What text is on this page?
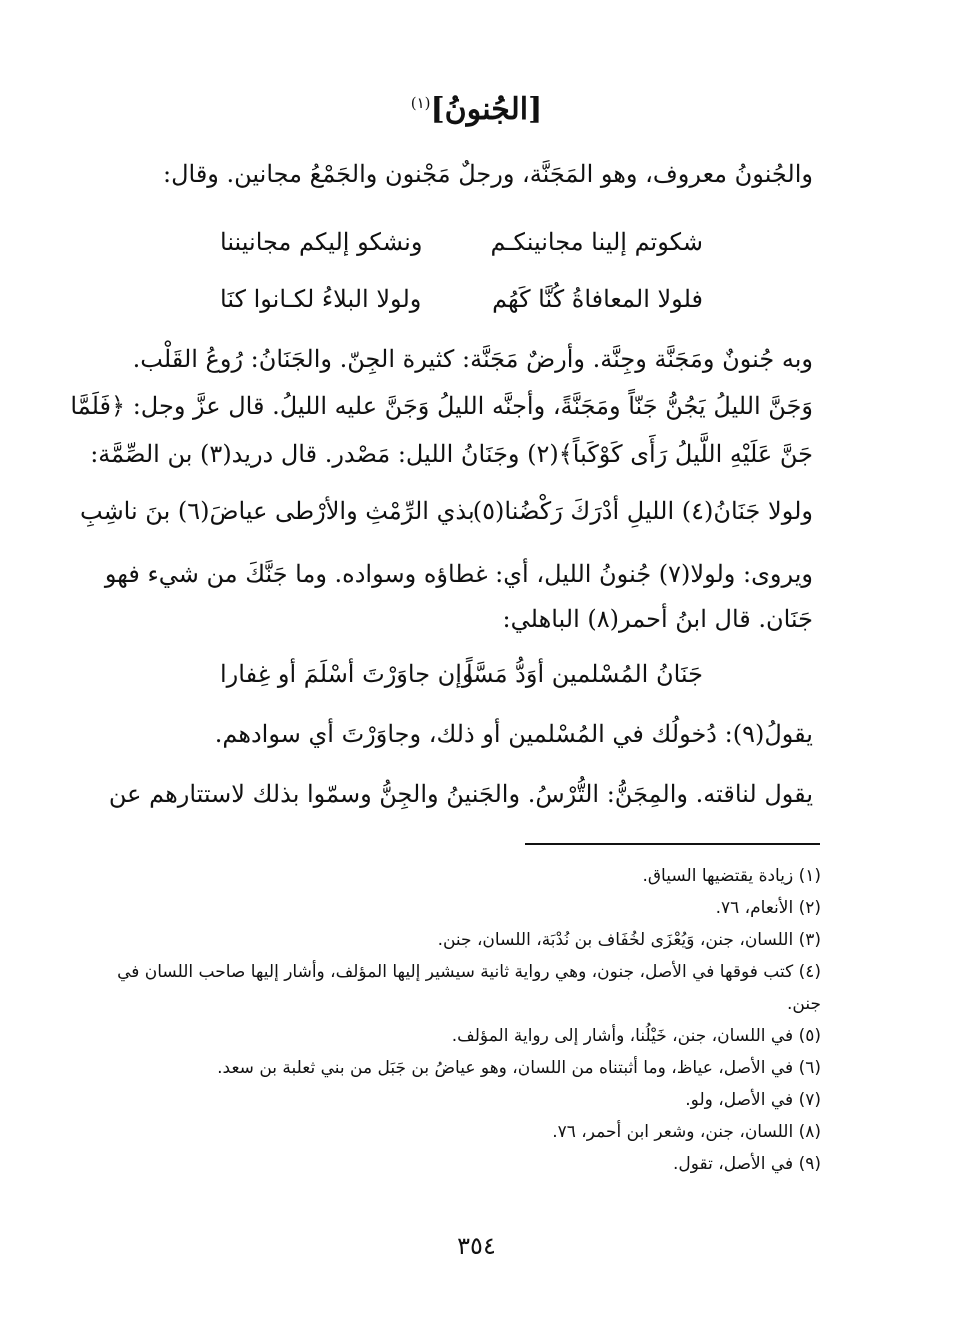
[الجُنونُ]$^{(١)}$
والجُنونُ معروف، وهو المَجَنَّة، ورجلٌ مَجْنون والجَمْعُ مجانين. وقال:
شكوتم إلينا مجانينكـم
ونشكو إليكم مجانيننا
فلولا المعافاةُ كُنَّا كَهُم
ولولا البلاءُ لكـانوا كنَا
وبه جُنونٌ ومَجَنَّة وجِنَّة. وأرضٌ مَجَنَّة: كثيرة الجِنّ. والجَنَانُ: رُوعُ القَلْب.
وَجَنَّ الليلُ يَجُنُّ جَنّاً ومَجَنَّةً، وأجنَّه الليلُ وَجَنَّ عليه الليلُ. قال عزَّ وجل: ﴿فَلَمَّا
جَنَّ عَلَيْهِ اللَّيلُ رَأَى كَوْكَباً﴾(٢) وجَنَانُ الليل: مَصْدر. قال دريد(٣) بن الصِّمَّة:
ولولا جَنَانُ(٤) الليلِ أدْرَكَ رَكْضُنا(٥)
بذي الرِّمْثِ والأرْطى عياضَ(٦) بنَ ناشِبِ
ويروى: ولولا(٧) جُنونُ الليل، أي: غطاؤه وسواده. وما جَنَّكَ من شيء فهو
جَنَان. قال ابنُ أحمر(٨) الباهلي:
جَنَانُ المُسْلمين أوَدُّ مَسَّاً
وإن جاوَرْتَ أسْلَمَ أو غِفارا
يقولُ(٩): دُخولُك في المُسْلمين أو ذلك، وجاوَرْتَ أي سوادهم.
يقول لناقته. والمِجَنُّ: التُّرْسُ. والجَنينُ والجِنُّ وسمّوا بذلك لاستتارهم عن
(١) زيادة يقتضيها السياق.
(٢) الأنعام، ٧٦.
(٣) اللسان، جنن، وَيُعْزَى لخُفَاف بن نُدْبَة، اللسان، جنن.
(٤) كتب فوقها في الأصل، جنون، وهي رواية ثانية سيشير إليها المؤلف، وأشار إليها صاحب اللسان في
جنن.
(٥) في اللسان، جنن، خَيْلُنا، وأشار إلى رواية المؤلف.
(٦) في الأصل، عياظ، وما أثبتناه من اللسان، وهو عياضُ بن جَبَل من بني ثعلبة بن سعد.
(٧) في الأصل، ولو.
(٨) اللسان، جنن، وشعر ابن أحمر، ٧٦.
(٩) في الأصل، تقول.
٣٥٤
